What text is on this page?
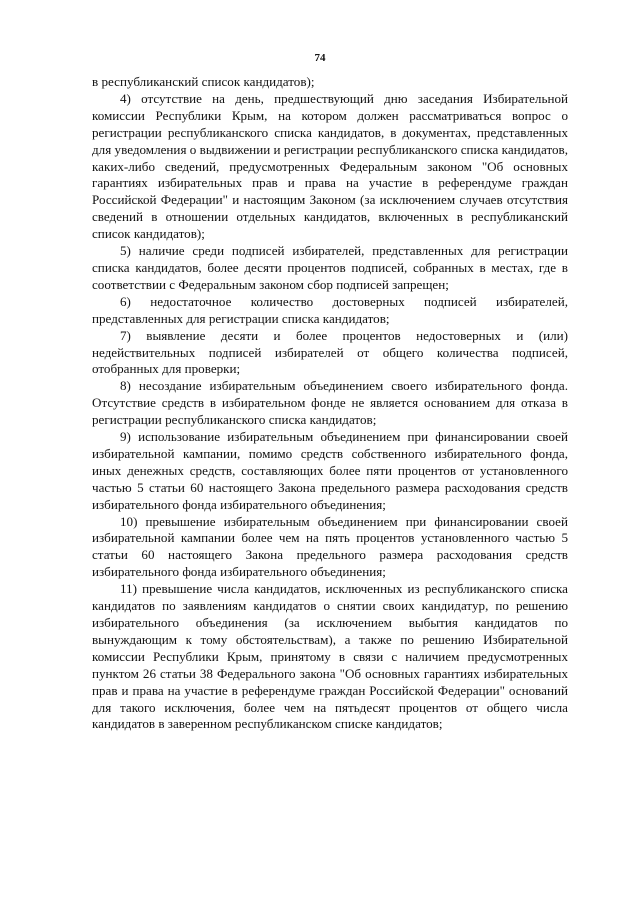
74

в республиканский список кандидатов);

4) отсутствие на день, предшествующий дню заседания Избирательной комиссии Республики Крым, на котором должен рассматриваться вопрос о регистрации республиканского списка кандидатов, в документах, представленных для уведомления о выдвижении и регистрации республиканского списка кандидатов, каких-либо сведений, предусмотренных Федеральным законом "Об основных гарантиях избирательных прав и права на участие в референдуме граждан Российской Федерации" и настоящим Законом (за исключением случаев отсутствия сведений в отношении отдельных кандидатов, включенных в республиканский список кандидатов);

5) наличие среди подписей избирателей, представленных для регистрации списка кандидатов, более десяти процентов подписей, собранных в местах, где в соответствии с Федеральным законом сбор подписей запрещен;

6) недостаточное количество достоверных подписей избирателей, представленных для регистрации списка кандидатов;

7) выявление десяти и более процентов недостоверных и (или) недействительных подписей избирателей от общего количества подписей, отобранных для проверки;

8) несоздание избирательным объединением своего избирательного фонда. Отсутствие средств в избирательном фонде не является основанием для отказа в регистрации республиканского списка кандидатов;

9) использование избирательным объединением при финансировании своей избирательной кампании, помимо средств собственного избирательного фонда, иных денежных средств, составляющих более пяти процентов от установленного частью 5 статьи 60 настоящего Закона предельного размера расходования средств избирательного фонда избирательного объединения;

10) превышение избирательным объединением при финансировании своей избирательной кампании более чем на пять процентов установленного частью 5 статьи 60 настоящего Закона предельного размера расходования средств избирательного фонда избирательного объединения;

11) превышение числа кандидатов, исключенных из республиканского списка кандидатов по заявлениям кандидатов о снятии своих кандидатур, по решению избирательного объединения (за исключением выбытия кандидатов по вынуждающим к тому обстоятельствам), а также по решению Избирательной комиссии Республики Крым, принятому в связи с наличием предусмотренных пунктом 26 статьи 38 Федерального закона "Об основных гарантиях избирательных прав и права на участие в референдуме граждан Российской Федерации" оснований для такого исключения, более чем на пятьдесят процентов от общего числа кандидатов в заверенном республиканском списке кандидатов;
